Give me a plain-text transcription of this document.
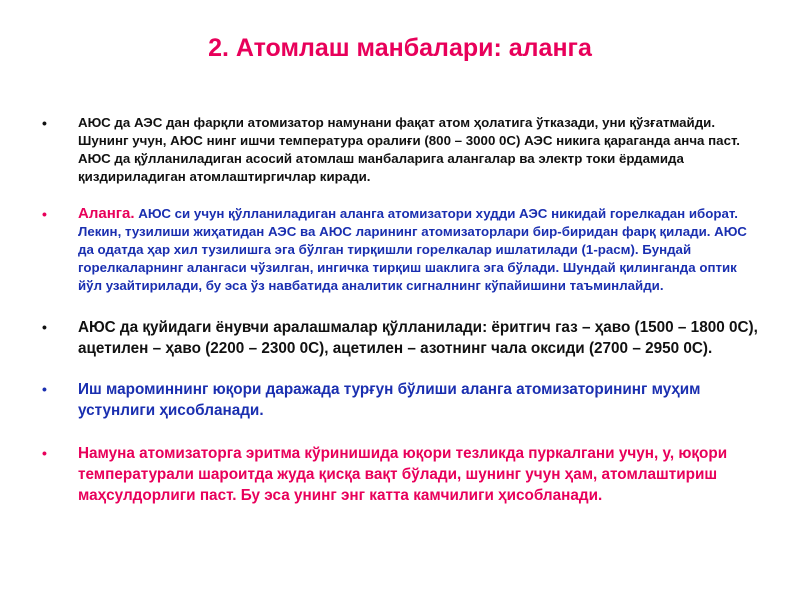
2. Атомлаш манбалари: аланга
• АЮС да АЭС дан фарқли атомизатор намунани фақат атом ҳолатига ўтказади, уни қўзғатмайди. Шунинг учун, АЮС нинг ишчи температура оралиғи (800 – 3000 0С) АЭС никига қараганда анча паст. АЮС да қўлланиладиган асосий атомлаш манбаларига алангалар ва электр токи ёрдамида қиздириладиган атомлаштиргичлар киради.
• Аланга. АЮС си учун қўлланиладиган аланга атомизатори худди АЭС никидай горелкадан иборат. Лекин, тузилиши жиҳатидан АЭС ва АЮС ларининг атомизаторлари бир-биридан фарқ қилади. АЮС да одатда ҳар хил тузилишга эга бўлган тирқишли горелкалар ишлатилади (1-расм). Бундай горелкаларнинг алангаси чўзилган, ингичка тирқиш шаклига эга бўлади. Шундай қилинганда оптик йўл узайтирилади, бу эса ўз навбатида аналитик сигналнинг кўпайишини таъминлайди.
• АЮС да қуйидаги ёнувчи аралашмалар қўлланилади: ёритгич газ – ҳаво (1500 – 1800 0С), ацетилен – ҳаво (2200 – 2300 0С), ацетилен – азотнинг чала оксиди (2700 – 2950 0С).
• Иш мароминнинг юқори даражада турғун бўлиши аланга атомизаторининг муҳим устунлиги ҳисобланади.
• Намуна атомизаторга эритма кўринишида юқори тезликда пуркалгани учун, у, юқори температурали шароитда жуда қисқа вақт бўлади, шунинг учун ҳам, атомлаштириш маҳсулдорлиги паст. Бу эса унинг энг катта камчилиги ҳисобланади.
